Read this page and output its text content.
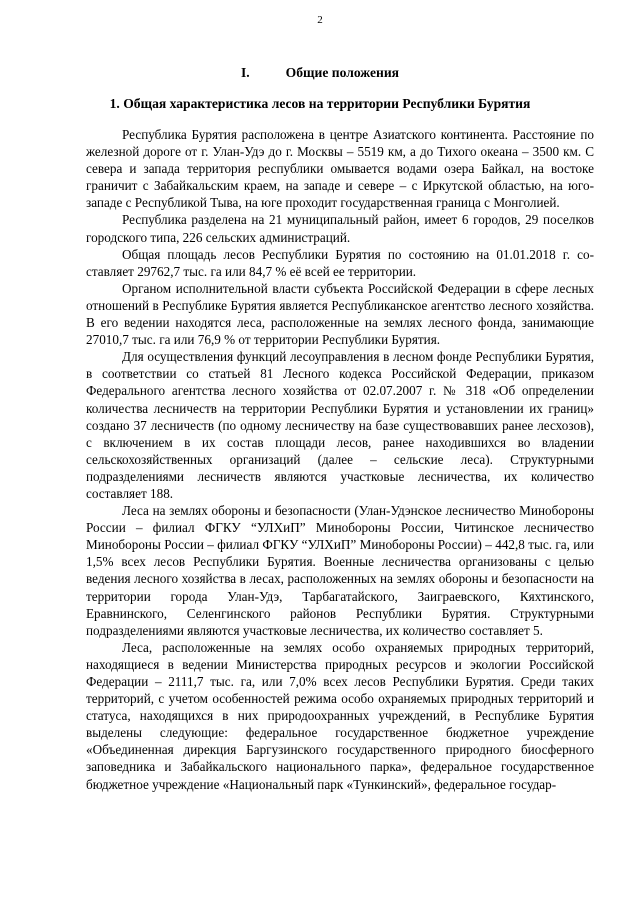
2
I.	Общие положения
1. Общая характеристика лесов на территории Республики Бурятия

Республика Бурятия расположена в центре Азиатского континента. Расстояние по железной дороге от г. Улан-Удэ до г. Москвы – 5519 км, а до Тихого океана – 3500 км. С севера и запада территория республики омывается водами озера Байкал, на востоке граничит с Забайкальским краем, на западе и севере – с Иркутской областью, на юго-западе с Республикой Тыва, на юге проходит государственная граница с Монголией.

Республика разделена на 21 муниципальный район, имеет 6 городов, 29 поселков городского типа, 226 сельских администраций.

Общая площадь лесов Республики Бурятия по состоянию на 01.01.2018 г. составляет 29762,7 тыс. га или 84,7 % её всей ее территории.

Органом исполнительной власти субъекта Российской Федерации в сфере лесных отношений в Республике Бурятия является Республиканское агентство лесного хозяйства. В его ведении находятся леса, расположенные на землях лесного фонда, занимающие 27010,7 тыс. га или 76,9 % от территории Республики Бурятия.

Для осуществления функций лесоуправления в лесном фонде Республики Бурятия, в соответствии со статьей 81 Лесного кодекса Российской Федерации, приказом Федерального агентства лесного хозяйства от 02.07.2007 г. № 318 «Об определении количества лесничеств на территории Республики Бурятия и установлении их границ» создано 37 лесничеств (по одному лесничеству на базе существовавших ранее лесхозов), с включением в их состав площади лесов, ранее находившихся во владении сельскохозяйственных организаций (далее – сельские леса). Структурными подразделениями лесничеств являются участковые лесничества, их количество составляет 188.

Леса на землях обороны и безопасности (Улан-Удэнское лесничество Минобороны России – филиал ФГКУ “УЛХиП” Минобороны России, Читинское лесничество Минобороны России – филиал ФГКУ “УЛХиП” Минобороны России) – 442,8 тыс. га, или 1,5% всех лесов Республики Бурятия. Военные лесничества организованы с целью ведения лесного хозяйства в лесах, расположенных на землях обороны и безопасности на территории города Улан-Удэ, Тарбагатайского, Заиграевского, Кяхтинского, Еравнинского, Селенгинского районов Республики Бурятия. Структурными подразделениями являются участковые лесничества, их количество составляет 5.

Леса, расположенные на землях особо охраняемых природных территорий, находящиеся в ведении Министерства природных ресурсов и экологии Российской Федерации – 2111,7 тыс. га, или 7,0% всех лесов Республики Бурятия. Среди таких территорий, с учетом особенностей режима особо охраняемых природных территорий и статуса, находящихся в них природоохранных учреждений, в Республике Бурятия выделены следующие: федеральное государственное бюджетное учреждение «Объединенная дирекция Баргузинского государственного природного биосферного заповедника и Забайкальского национального парка», федеральное государственное бюджетное учреждение «Национальный парк «Тункинский», федеральное государ-
